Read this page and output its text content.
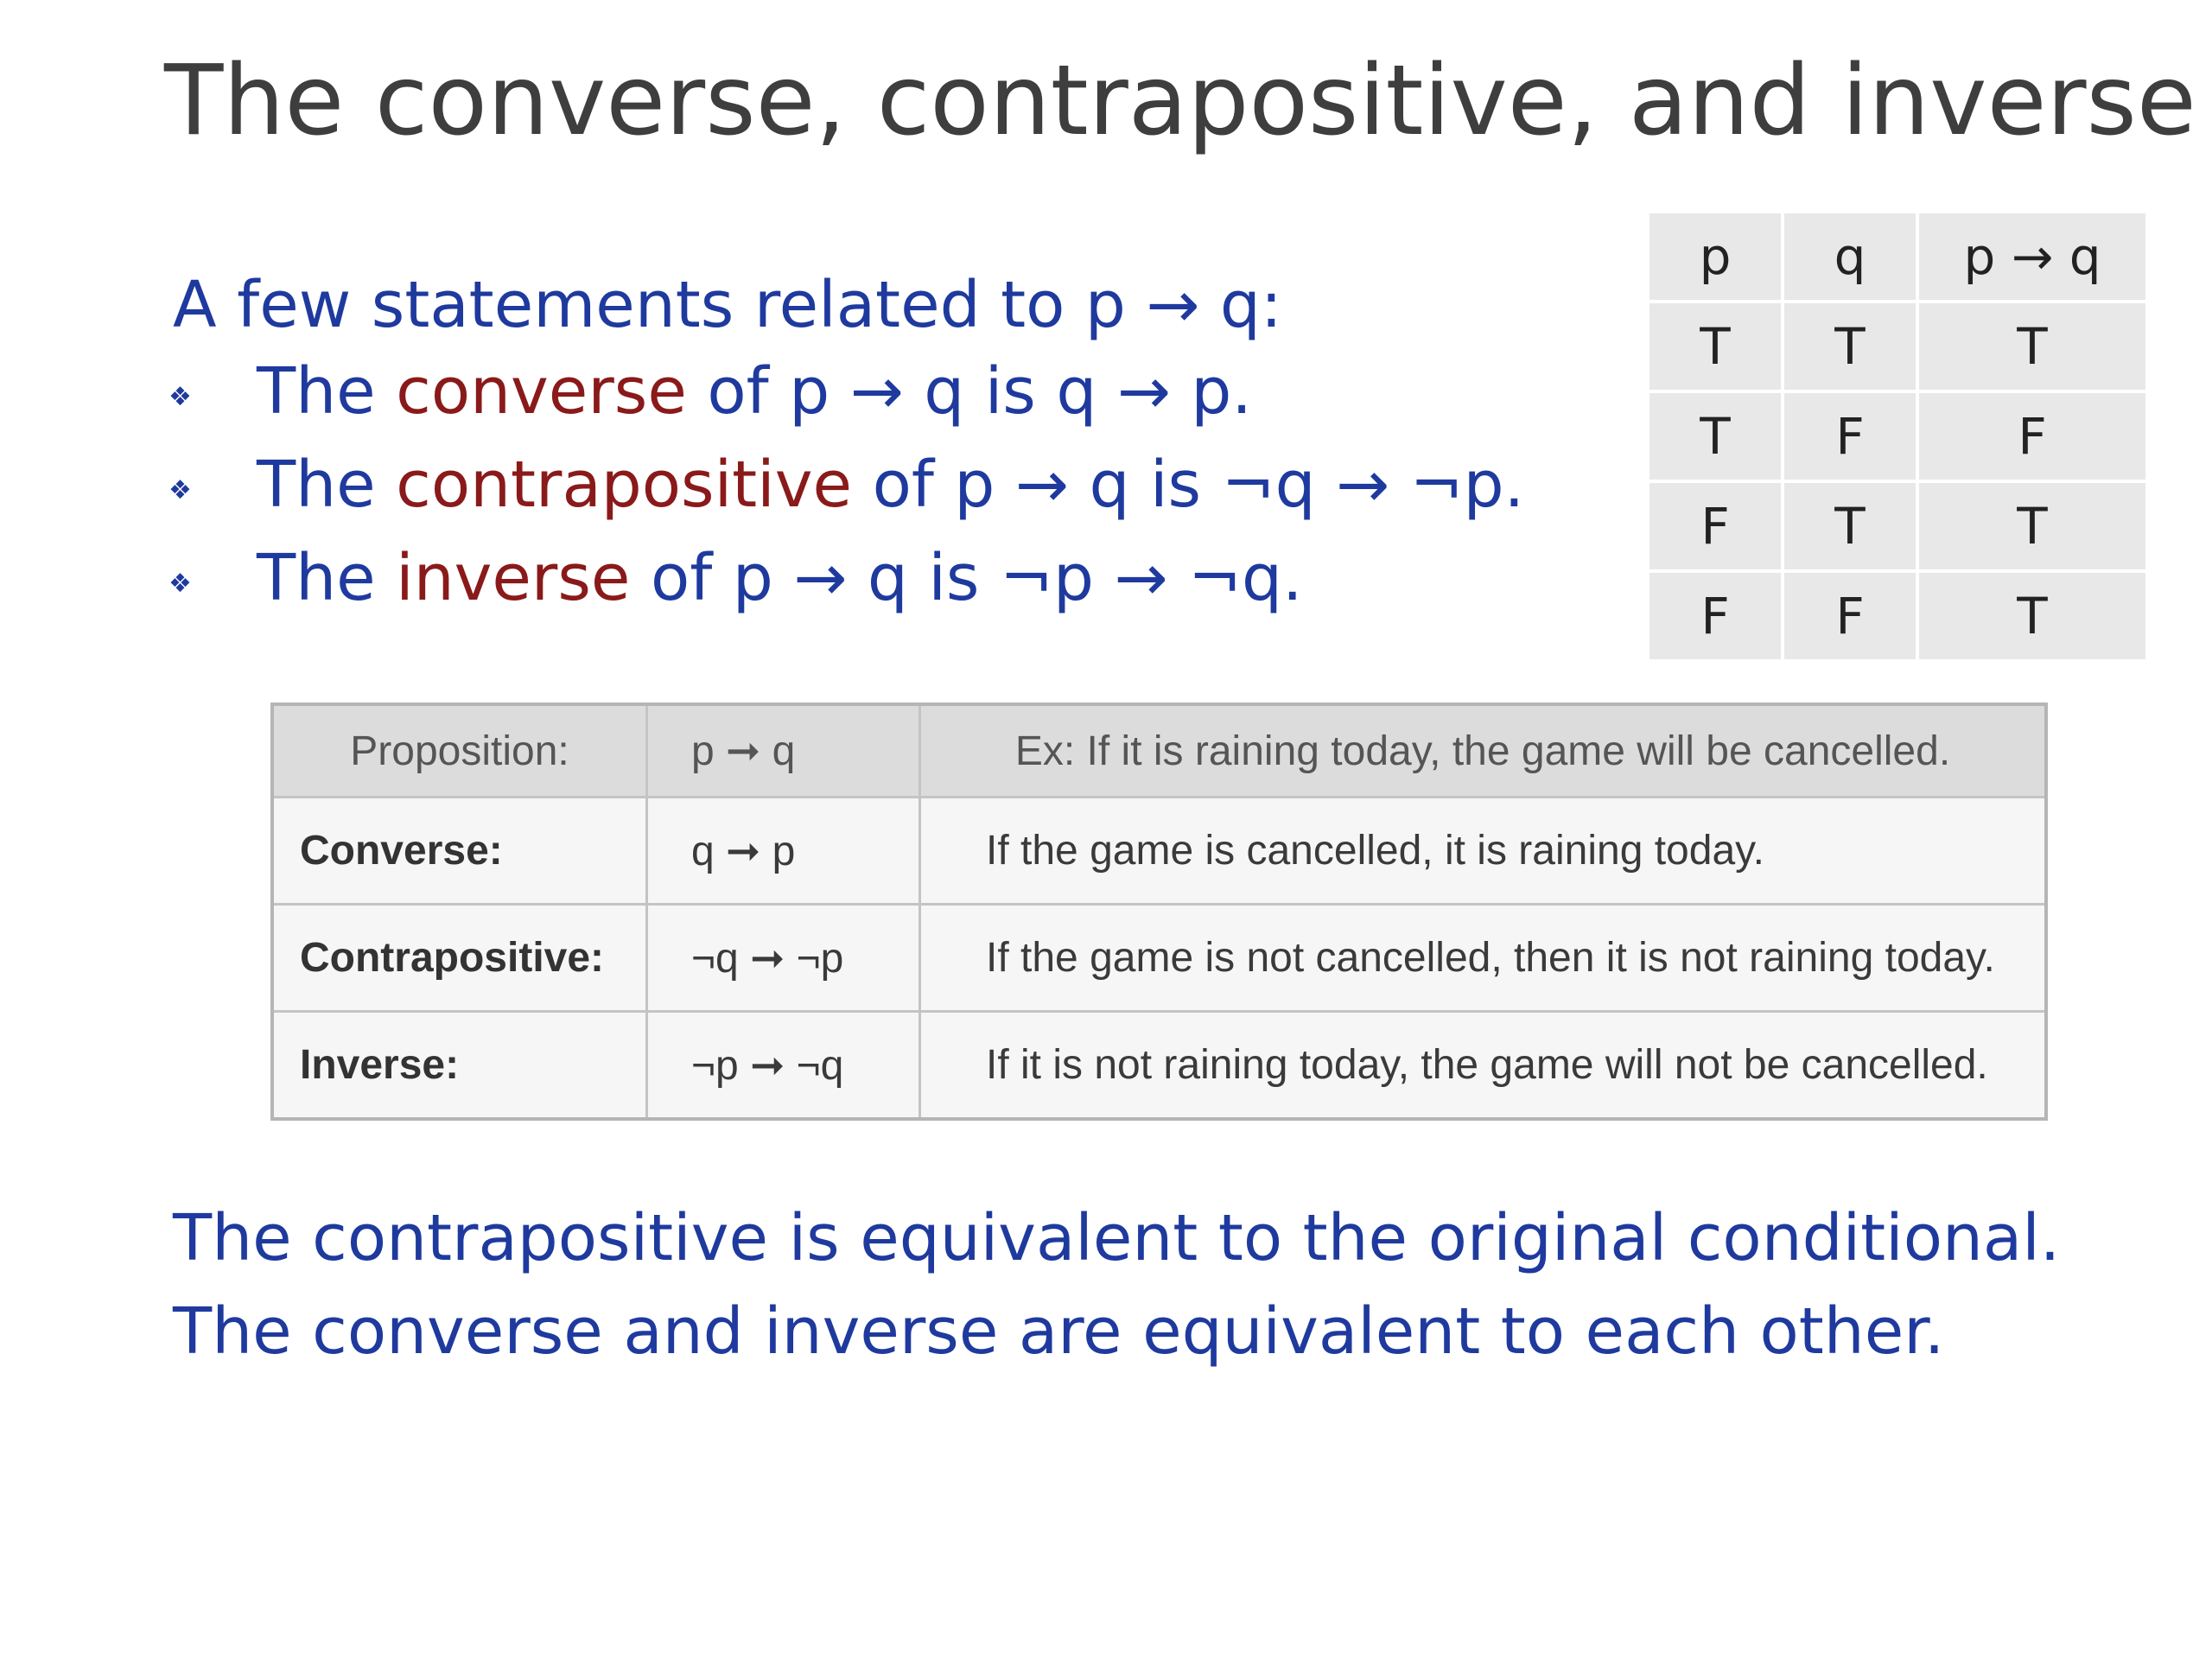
The converse, contrapositive, and inverse
A few statements related to p → q:
❖ The converse of p → q is q → p.
❖ The contrapositive of p → q is ¬q → ¬p.
❖ The inverse of p → q is ¬p → ¬q.
p	q	p → q
T	T	T
T	F	F
F	T	T
F	F	T
Proposition:	p ➞ q	Ex: If it is raining today, the game will be cancelled.
Converse:	q ➞ p	If the game is cancelled, it is raining today.
Contrapositive:	¬q ➞ ¬p	If the game is not cancelled, then it is not raining today.
Inverse:	¬p ➞ ¬q	If it is not raining today, the game will not be cancelled.
The contrapositive is equivalent to the original conditional.
The converse and inverse are equivalent to each other.
